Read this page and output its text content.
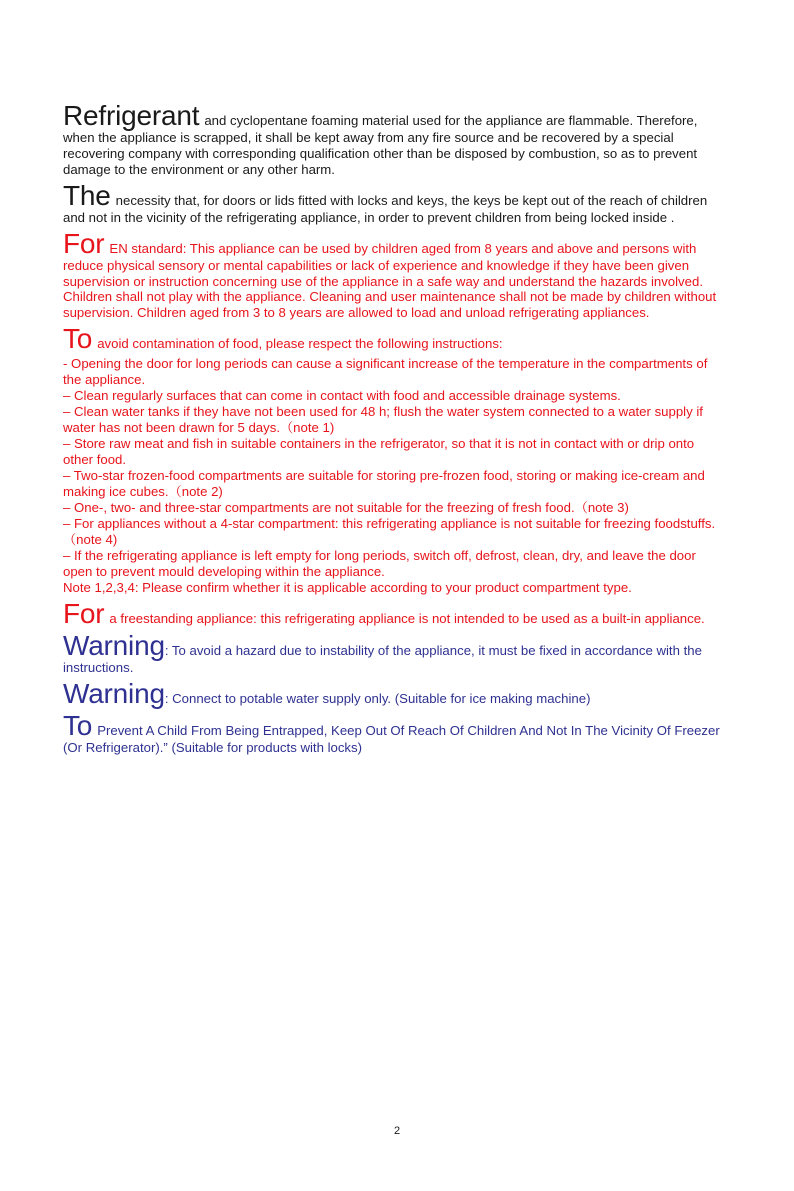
Refrigerant and cyclopentane foaming material used for the appliance are flammable. Therefore, when the appliance is scrapped, it shall be kept away from any fire source and be recovered by a special recovering company with corresponding qualification other than be disposed by combustion, so as to prevent damage to the environment or any other harm.

The necessity that, for doors or lids fitted with locks and keys, the keys be kept out of the reach of children and not in the vicinity of the refrigerating appliance, in order to prevent children from being locked inside .

For EN standard: This appliance can be used by children aged from 8 years and above and persons with reduce physical sensory or mental capabilities or lack of experience and knowledge if they have been given supervision or instruction concerning use of the appliance in a safe way and understand the hazards involved. Children shall not play with the appliance. Cleaning and user maintenance shall not be made by children without supervision. Children aged from 3 to 8 years are allowed to load and unload refrigerating appliances.

To avoid contamination of food, please respect the following instructions:

- Opening the door for long periods can cause a significant increase of the temperature in the compartments of the appliance.

– Clean regularly surfaces that can come in contact with food and accessible drainage systems.

– Clean water tanks if they have not been used for 48 h; flush the water system connected to a water supply if water has not been drawn for 5 days.（note 1)

– Store raw meat and fish in suitable containers in the refrigerator, so that it is not in contact with or drip onto other food.

– Two-star frozen-food compartments are suitable for storing pre-frozen food, storing or making ice-cream and making ice cubes.（note 2)

– One-, two- and three-star compartments are not suitable for the freezing of fresh food.（note 3)

– For appliances without a 4-star compartment: this refrigerating appliance is not suitable for freezing foodstuffs.（note 4)

– If the refrigerating appliance is left empty for long periods, switch off, defrost, clean, dry, and leave the door open to prevent mould developing within the appliance.

Note 1,2,3,4: Please confirm whether it is applicable according to your product compartment type.

For a freestanding appliance: this refrigerating appliance is not intended to be used as a built-in appliance.

Warning: To avoid a hazard due to instability of the appliance, it must be fixed in accordance with the instructions.

Warning: Connect to potable water supply only. (Suitable for ice making machine)

To Prevent A Child From Being Entrapped, Keep Out Of Reach Of Children And Not In The Vicinity Of Freezer (Or Refrigerator).” (Suitable for products with locks)

2
